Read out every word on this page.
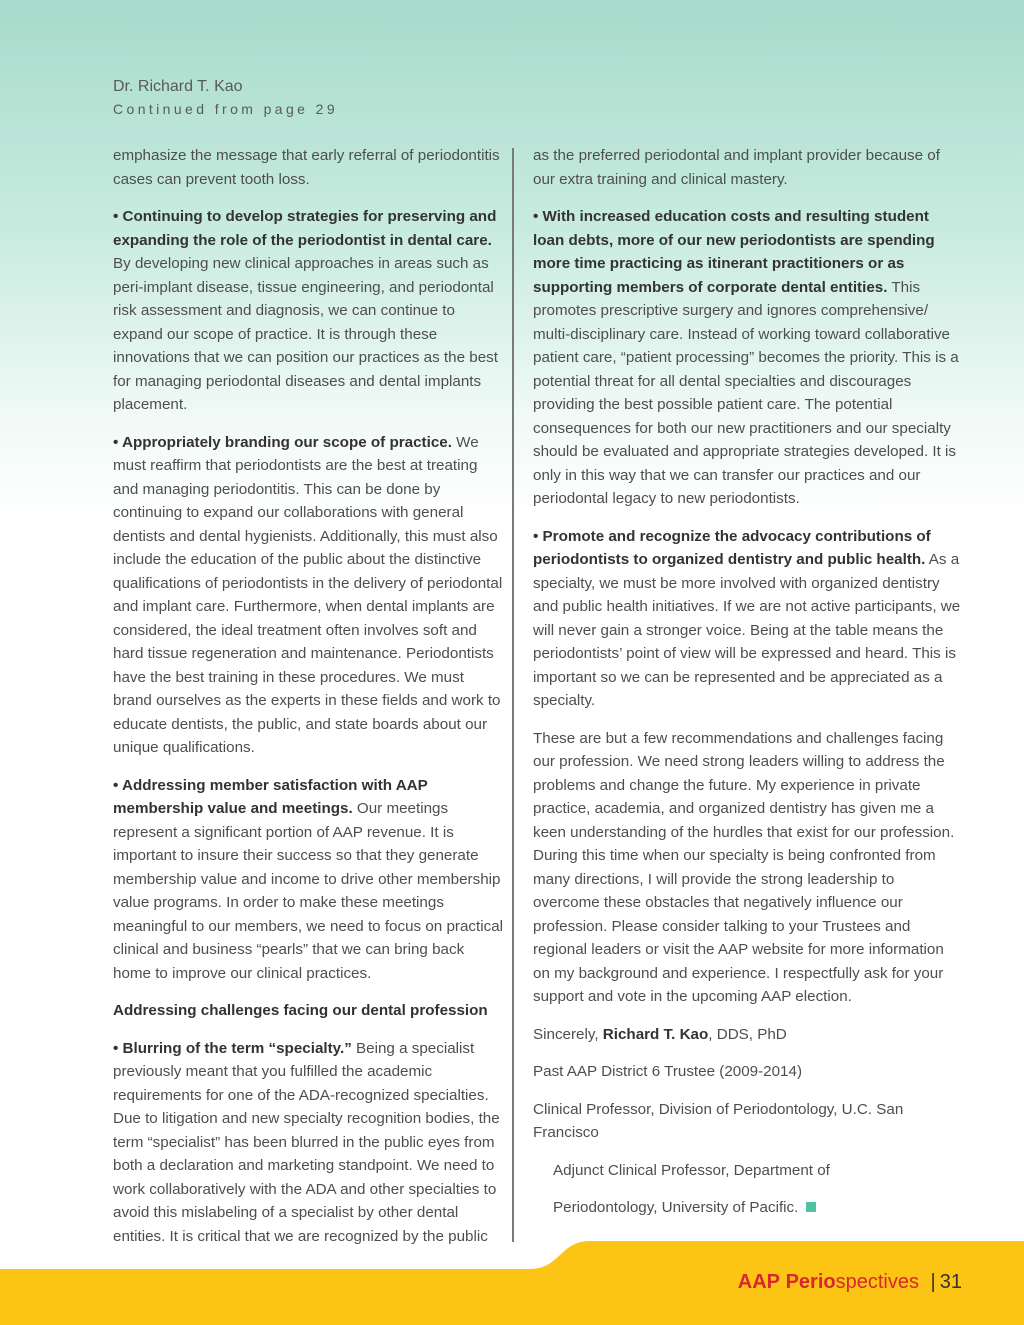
Dr. Richard T. Kao
Continued from page 29

emphasize the message that early referral of periodontitis cases can prevent tooth loss.

• Continuing to develop strategies for preserving and expanding the role of the periodontist in dental care. By developing new clinical approaches in areas such as peri-implant disease, tissue engineering, and periodontal risk assessment and diagnosis, we can continue to expand our scope of practice. It is through these innovations that we can position our practices as the best for managing periodontal diseases and dental implants placement.

• Appropriately branding our scope of practice. We must reaffirm that periodontists are the best at treating and managing periodontitis. This can be done by continuing to expand our collaborations with general dentists and dental hygienists. Additionally, this must also include the education of the public about the distinctive qualifications of periodontists in the delivery of periodontal and implant care. Furthermore, when dental implants are considered, the ideal treatment often involves soft and hard tissue regeneration and maintenance. Periodontists have the best training in these procedures. We must brand ourselves as the experts in these fields and work to educate dentists, the public, and state boards about our unique qualifications.

• Addressing member satisfaction with AAP membership value and meetings. Our meetings represent a significant portion of AAP revenue. It is important to insure their success so that they generate membership value and income to drive other membership value programs. In order to make these meetings meaningful to our members, we need to focus on practical clinical and business “pearls” that we can bring back home to improve our clinical practices.

Addressing challenges facing our dental profession

• Blurring of the term “specialty.” Being a specialist previously meant that you fulfilled the academic requirements for one of the ADA-recognized specialties. Due to litigation and new specialty recognition bodies, the term “specialist” has been blurred in the public eyes from both a declaration and marketing standpoint. We need to work collaboratively with the ADA and other specialties to avoid this mislabeling of a specialist by other dental entities. It is critical that we are recognized by the public

as the preferred periodontal and implant provider because of our extra training and clinical mastery.

• With increased education costs and resulting student loan debts, more of our new periodontists are spending more time practicing as itinerant practitioners or as supporting members of corporate dental entities. This promotes prescriptive surgery and ignores comprehensive/ multi-disciplinary care. Instead of working toward collaborative patient care, “patient processing” becomes the priority. This is a potential threat for all dental specialties and discourages providing the best possible patient care. The potential consequences for both our new practitioners and our specialty should be evaluated and appropriate strategies developed. It is only in this way that we can transfer our practices and our periodontal legacy to new periodontists.

• Promote and recognize the advocacy contributions of periodontists to organized dentistry and public health. As a specialty, we must be more involved with organized dentistry and public health initiatives. If we are not active participants, we will never gain a stronger voice. Being at the table means the periodontists’ point of view will be expressed and heard. This is important so we can be represented and be appreciated as a specialty.

These are but a few recommendations and challenges facing our profession. We need strong leaders willing to address the problems and change the future. My experience in private practice, academia, and organized dentistry has given me a keen understanding of the hurdles that exist for our profession. During this time when our specialty is being confronted from many directions, I will provide the strong leadership to overcome these obstacles that negatively influence our profession. Please consider talking to your Trustees and regional leaders or visit the AAP website for more information on my background and experience. I respectfully ask for your support and vote in the upcoming AAP election.

Sincerely, Richard T. Kao, DDS, PhD

Past AAP District 6 Trustee (2009-2014)

Clinical Professor, Division of Periodontology, U.C. San Francisco

Adjunct Clinical Professor, Department of

Periodontology, University of Pacific.

AAP Periospectives | 31
